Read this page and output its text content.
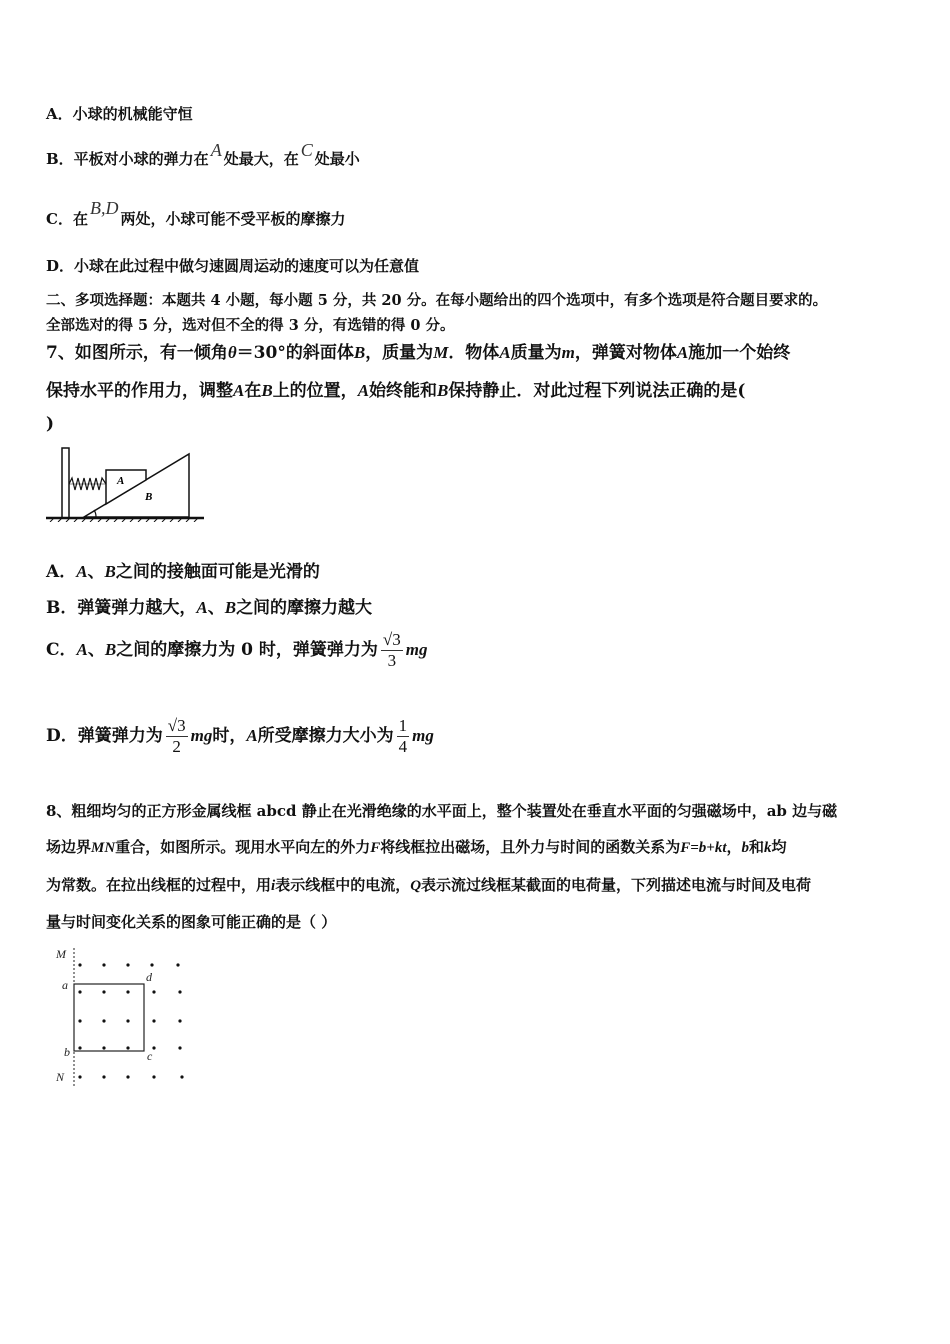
A．小球的机械能守恒
B．平板对小球的弹力在 A 处最大，在 C 处最小
C．在B,D两处，小球可能不受平板的摩擦力
D．小球在此过程中做匀速圆周运动的速度可以为任意值
二、多项选择题：本题共 4 小题，每小题 5 分，共 20 分。在每小题给出的四个选项中，有多个选项是符合题目要求的。
全部选对的得 5 分，选对但不全的得 3 分，有选错的得 0 分。
7、如图所示，有一倾角θ＝30°的斜面体B，质量为M．物体A质量为m，弹簧对物体A施加一个始终
保持水平的作用力，调整A在B上的位置，A始终能和B保持静止．对此过程下列说法正确的是(
)
A
B
A．A、B之间的接触面可能是光滑的
B．弹簧弹力越大，A、B之间的摩擦力越大
C．A、B之间的摩擦力为 0 时，弹簧弹力为 $\frac{√3}{3}$ mg
D．弹簧弹力为 $\frac{√3}{2}$ mg时，A所受摩擦力大小为 $\frac{1}{4}$ mg
8、粗细均匀的正方形金属线框 abcd 静止在光滑绝缘的水平面上，整个装置处在垂直水平面的匀强磁场中，ab 边与磁
场边界MN重合，如图所示。现用水平向左的外力F将线框拉出磁场，且外力与时间的函数关系为F=b+kt，b和k均
为常数。在拉出线框的过程中，用i表示线框中的电流，Q表示流过线框某截面的电荷量，下列描述电流与时间及电荷
量与时间变化关系的图象可能正确的是（ ）
M
a
b	c
d
N
